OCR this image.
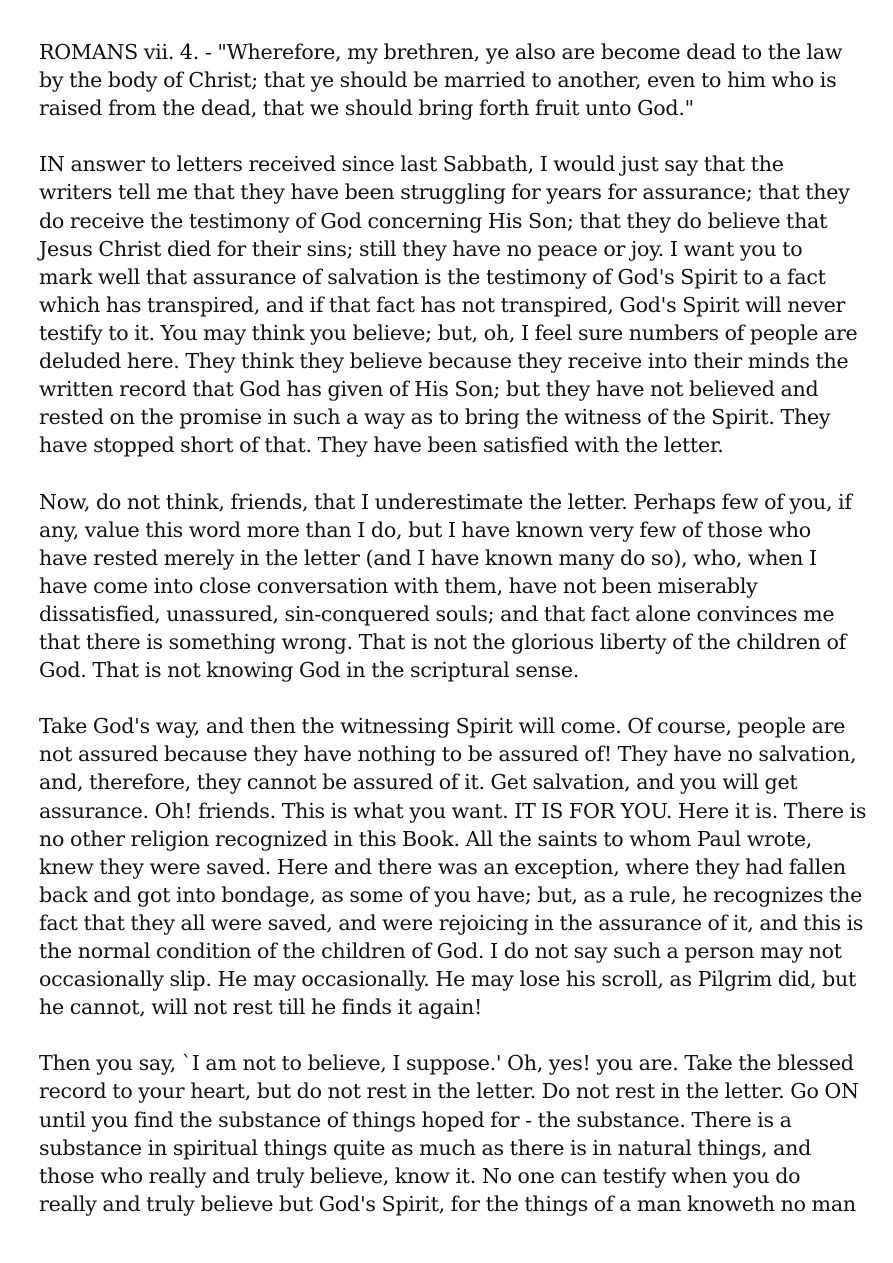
ROMANS vii. 4. - "Wherefore, my brethren, ye also are become dead to the law
by the body of Christ; that ye should be married to another, even to him who is
raised from the dead, that we should bring forth fruit unto God."

IN answer to letters received since last Sabbath, I would just say that the
writers tell me that they have been struggling for years for assurance; that they
do receive the testimony of God concerning His Son; that they do believe that
Jesus Christ died for their sins; still they have no peace or joy. I want you to
mark well that assurance of salvation is the testimony of God's Spirit to a fact
which has transpired, and if that fact has not transpired, God's Spirit will never
testify to it. You may think you believe; but, oh, I feel sure numbers of people are
deluded here. They think they believe because they receive into their minds the
written record that God has given of His Son; but they have not believed and
rested on the promise in such a way as to bring the witness of the Spirit. They
have stopped short of that. They have been satisfied with the letter.

Now, do not think, friends, that I underestimate the letter. Perhaps few of you, if
any, value this word more than I do, but I have known very few of those who
have rested merely in the letter (and I have known many do so), who, when I
have come into close conversation with them, have not been miserably
dissatisfied, unassured, sin-conquered souls; and that fact alone convinces me
that there is something wrong. That is not the glorious liberty of the children of
God. That is not knowing God in the scriptural sense.

Take God's way, and then the witnessing Spirit will come. Of course, people are
not assured because they have nothing to be assured of! They have no salvation,
and, therefore, they cannot be assured of it. Get salvation, and you will get
assurance. Oh! friends. This is what you want. IT IS FOR YOU. Here it is. There is
no other religion recognized in this Book. All the saints to whom Paul wrote,
knew they were saved. Here and there was an exception, where they had fallen
back and got into bondage, as some of you have; but, as a rule, he recognizes the
fact that they all were saved, and were rejoicing in the assurance of it, and this is
the normal condition of the children of God. I do not say such a person may not
occasionally slip. He may occasionally. He may lose his scroll, as Pilgrim did, but
he cannot, will not rest till he finds it again!

Then you say, `I am not to believe, I suppose.' Oh, yes! you are. Take the blessed
record to your heart, but do not rest in the letter. Do not rest in the letter. Go ON
until you find the substance of things hoped for - the substance. There is a
substance in spiritual things quite as much as there is in natural things, and
those who really and truly believe, know it. No one can testify when you do
really and truly believe but God's Spirit, for the things of a man knoweth no man
